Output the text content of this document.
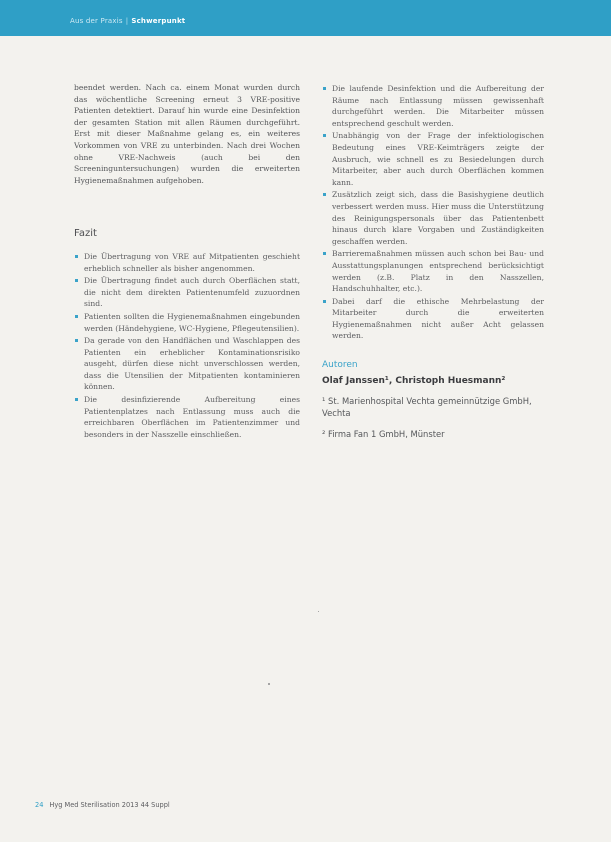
Aus der Praxis | Schwerpunkt

beendet werden. Nach ca. einem Monat wurden durch das wöchentliche Screening erneut 3 VRE-positive Patienten detektiert. Darauf hin wurde eine Desinfektion der gesamten Station mit allen Räumen durchgeführt. Erst mit dieser Maßnahme gelang es, ein weiteres Vorkommen von VRE zu unterbinden. Nach drei Wochen ohne VRE-Nachweis (auch bei den Screeninguntersuchungen) wurden die erweiterten Hygienemaßnahmen aufgehoben.

Fazit
Die Übertragung von VRE auf Mitpatienten geschieht erheblich schneller als bisher angenommen.
Die Übertragung findet auch durch Oberflächen statt, die nicht dem direkten Patientenumfeld zuzuordnen sind.
Patienten sollten die Hygienemaßnahmen eingebunden werden (Händehygiene, WC-Hygiene, Pflegeutensilien).
Da gerade von den Handflächen und Waschlappen des Patienten ein erheblicher Kontaminationsrisiko ausgeht, dürfen diese nicht unverschlossen werden, dass die Utensilien der Mitpatienten kontaminieren können.
Die desinfizierende Aufbereitung eines Patientenplatzes nach Entlassung muss auch die erreichbaren Oberflächen im Patientenzimmer und besonders in der Nasszelle einschließen.
Die laufende Desinfektion und die Aufbereitung der Räume nach Entlassung müssen gewissenhaft durchgeführt werden. Die Mitarbeiter müssen entsprechend geschult werden.
Unabhängig von der Frage der infektiologischen Bedeutung eines VRE-Keimträgers zeigte der Ausbruch, wie schnell es zu Besiedelungen durch Mitarbeiter, aber auch durch Oberflächen kommen kann.
Zusätzlich zeigt sich, dass die Basishygiene deutlich verbessert werden muss. Hier muss die Unterstützung des Reinigungspersonals über das Patientenbett hinaus durch klare Vorgaben und Zuständigkeiten geschaffen werden.
Barrieremaßnahmen müssen auch schon bei Bau- und Ausstattungsplanungen entsprechend berücksichtigt werden (z.B. Platz in den Nasszellen, Handschuhhalter, etc.).
Dabei darf die ethische Mehrbelastung der Mitarbeiter durch die erweiterten Hygienemaßnahmen nicht außer Acht gelassen werden.
Autoren

Olaf Janssen¹, Christoph Huesmann²

¹ St. Marienhospital Vechta gemeinnützige GmbH, Vechta

² Firma Fan 1 GmbH, Münster

24 Hyg Med Sterilisation 2013 44 Suppl
